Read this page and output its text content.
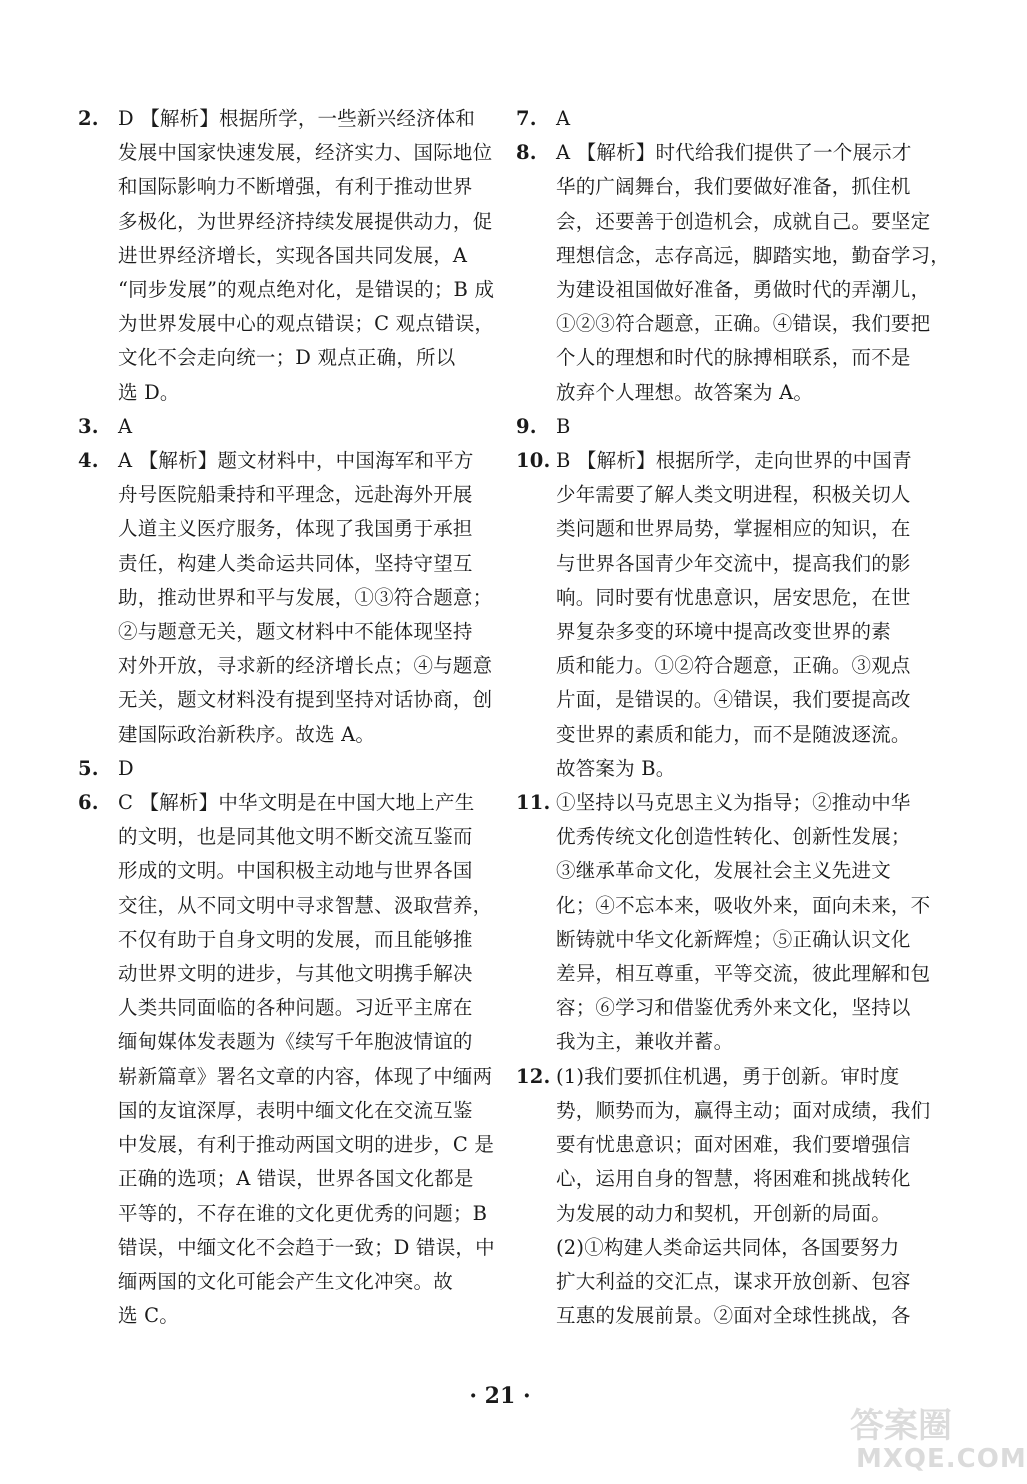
2. D 【解析】根据所学，一些新兴经济体和
发展中国家快速发展，经济实力、国际地位
和国际影响力不断增强，有利于推动世界
多极化，为世界经济持续发展提供动力，促
进世界经济增长，实现各国共同发展，A
“同步发展”的观点绝对化，是错误的；B 成
为世界发展中心的观点错误；C 观点错误，
文化不会走向统一；D 观点正确，所以
选 D。
3. A
4. A 【解析】题文材料中，中国海军和平方
舟号医院船秉持和平理念，远赴海外开展
人道主义医疗服务，体现了我国勇于承担
责任，构建人类命运共同体，坚持守望互
助，推动世界和平与发展，①③符合题意；
②与题意无关，题文材料中不能体现坚持
对外开放，寻求新的经济增长点；④与题意
无关，题文材料没有提到坚持对话协商，创
建国际政治新秩序。故选 A。
5. D
6. C 【解析】中华文明是在中国大地上产生
的文明，也是同其他文明不断交流互鉴而
形成的文明。中国积极主动地与世界各国
交往，从不同文明中寻求智慧、汲取营养，
不仅有助于自身文明的发展，而且能够推
动世界文明的进步，与其他文明携手解决
人类共同面临的各种问题。习近平主席在
缅甸媒体发表题为《续写千年胞波情谊的
崭新篇章》署名文章的内容，体现了中缅两
国的友谊深厚，表明中缅文化在交流互鉴
中发展，有利于推动两国文明的进步，C 是
正确的选项；A 错误，世界各国文化都是
平等的，不存在谁的文化更优秀的问题；B
错误，中缅文化不会趋于一致；D 错误，中
缅两国的文化可能会产生文化冲突。故
选 C。
7. A
8. A 【解析】时代给我们提供了一个展示才
华的广阔舞台，我们要做好准备，抓住机
会，还要善于创造机会，成就自己。要坚定
理想信念，志存高远，脚踏实地，勤奋学习，
为建设祖国做好准备，勇做时代的弄潮儿，
①②③符合题意，正确。④错误，我们要把
个人的理想和时代的脉搏相联系，而不是
放弃个人理想。故答案为 A。
9. B
10. B 【解析】根据所学，走向世界的中国青
少年需要了解人类文明进程，积极关切人
类问题和世界局势，掌握相应的知识，在
与世界各国青少年交流中，提高我们的影
响。同时要有忧患意识，居安思危，在世
界复杂多变的环境中提高改变世界的素
质和能力。①②符合题意，正确。③观点
片面，是错误的。④错误，我们要提高改
变世界的素质和能力，而不是随波逐流。
故答案为 B。
11. ①坚持以马克思主义为指导；②推动中华
优秀传统文化创造性转化、创新性发展；
③继承革命文化，发展社会主义先进文
化；④不忘本来，吸收外来，面向未来，不
断铸就中华文化新辉煌；⑤正确认识文化
差异，相互尊重，平等交流，彼此理解和包
容；⑥学习和借鉴优秀外来文化，坚持以
我为主，兼收并蓄。
12. (1)我们要抓住机遇，勇于创新。审时度
势，顺势而为，赢得主动；面对成绩，我们
要有忧患意识；面对困难，我们要增强信
心，运用自身的智慧，将困难和挑战转化
为发展的动力和契机，开创新的局面。
(2)①构建人类命运共同体，各国要努力
扩大利益的交汇点，谋求开放创新、包容
互惠的发展前景。②面对全球性挑战，各
· 21 ·
答案圈
MXQE.COM
